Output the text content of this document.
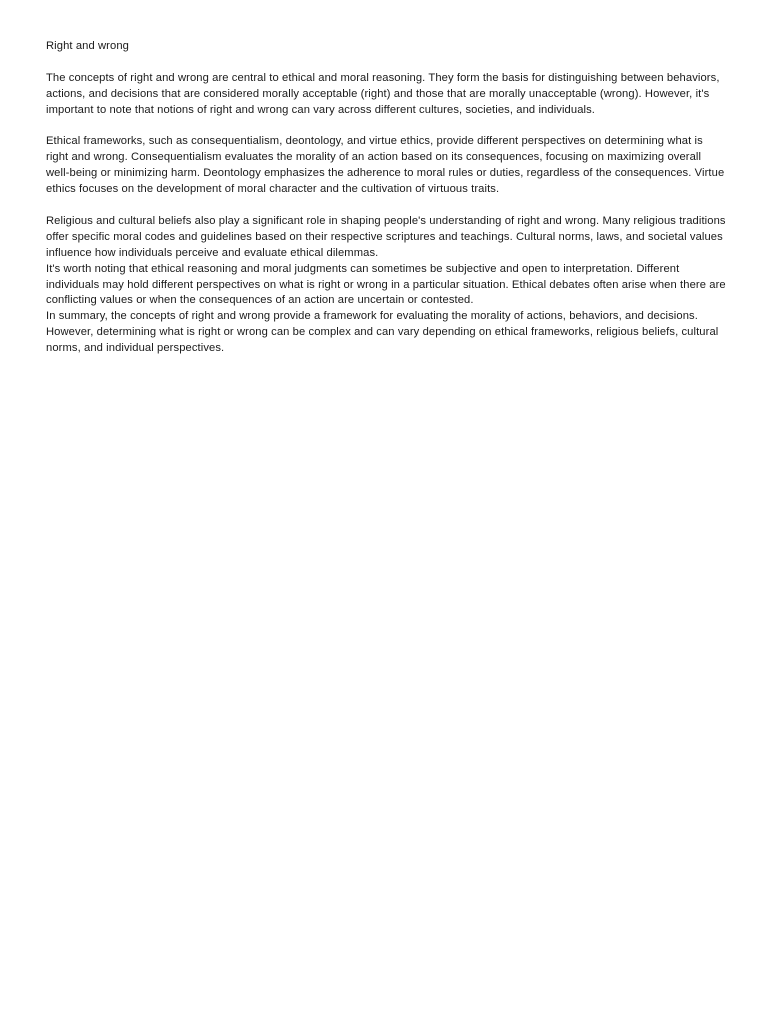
Right and wrong

The concepts of right and wrong are central to ethical and moral reasoning. They form the basis for distinguishing between behaviors, actions, and decisions that are considered morally acceptable (right) and those that are morally unacceptable (wrong). However, it's important to note that notions of right and wrong can vary across different cultures, societies, and individuals.

Ethical frameworks, such as consequentialism, deontology, and virtue ethics, provide different perspectives on determining what is right and wrong. Consequentialism evaluates the morality of an action based on its consequences, focusing on maximizing overall well-being or minimizing harm. Deontology emphasizes the adherence to moral rules or duties, regardless of the consequences. Virtue ethics focuses on the development of moral character and the cultivation of virtuous traits.

Religious and cultural beliefs also play a significant role in shaping people's understanding of right and wrong. Many religious traditions offer specific moral codes and guidelines based on their respective scriptures and teachings. Cultural norms, laws, and societal values influence how individuals perceive and evaluate ethical dilemmas.

It's worth noting that ethical reasoning and moral judgments can sometimes be subjective and open to interpretation. Different individuals may hold different perspectives on what is right or wrong in a particular situation. Ethical debates often arise when there are conflicting values or when the consequences of an action are uncertain or contested.

In summary, the concepts of right and wrong provide a framework for evaluating the morality of actions, behaviors, and decisions. However, determining what is right or wrong can be complex and can vary depending on ethical frameworks, religious beliefs, cultural norms, and individual perspectives.
